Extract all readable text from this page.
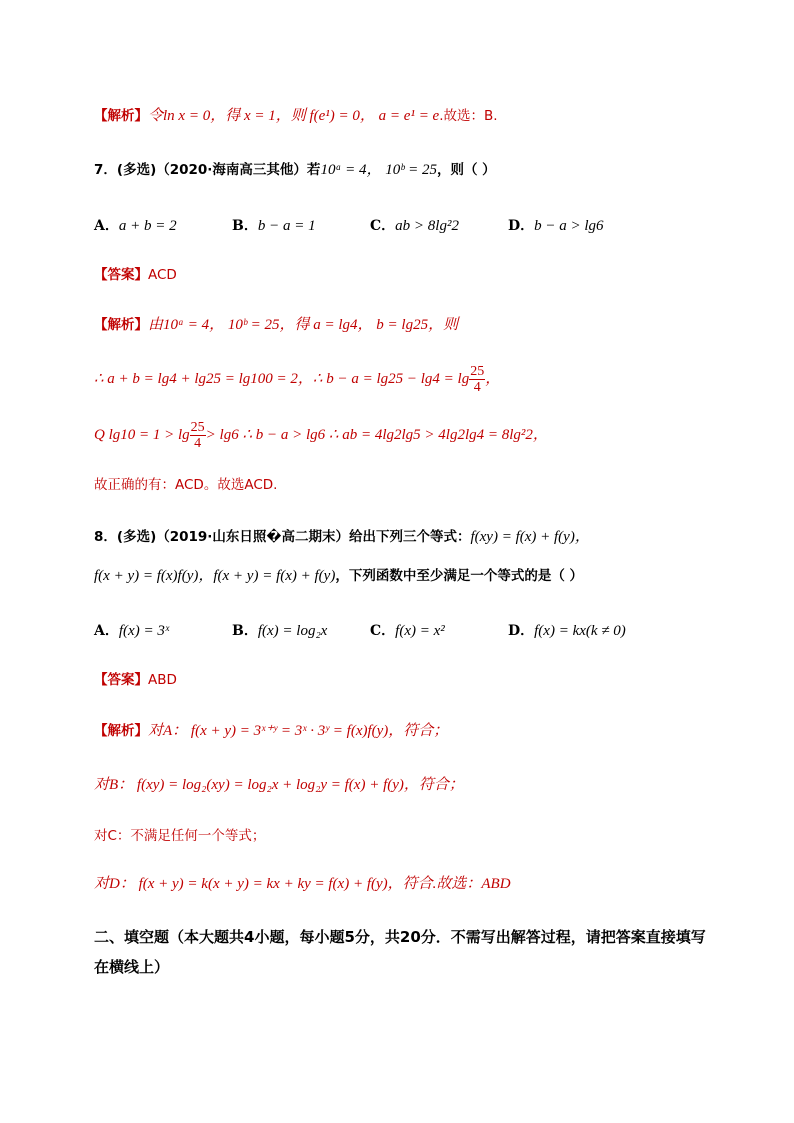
【解析】令ln x = 0，得 x = 1，则 f(e¹) = 0， a = e¹ = e.故选：B.
7．(多选)（2020·海南高三其他）若10ᵃ = 4， 10ᵇ = 25，则（ ）
A．a + b = 2	B．b − a = 1	C．ab > 8lg²2	D．b − a > lg6
【答案】ACD
【解析】由10ᵃ = 4， 10ᵇ = 25，得 a = lg4， b = lg25，则
∴ a + b = lg4 + lg25 = lg100 = 2，∴ $b - a = \lg 25 - \lg 4 = \lg \frac{25}{4}$ ，
Q $\lg 10 = 1 > \lg \frac{25}{4} > \lg 6$ ∴ b − a > lg6 ∴ ab = 4lg2lg5 > 4lg2lg4 = 8lg²2，
故正确的有：ACD。故选ACD.
8．(多选)（2019·山东日照�高二期末）给出下列三个等式：f(xy) = f(x) + f(y)，
f(x + y) = f(x)f(y)，f(x + y) = f(x) + f(y)，下列函数中至少满足一个等式的是（ ）
A．f(x) = 3ˣ	B．f(x) = log₂x	C．f(x) = x²	D．f(x) = kx(k ≠ 0)
【答案】ABD
【解析】对A： f(x + y) = 3ˣ⁺ʸ = 3ˣ · 3ʸ = f(x)f(y)，符合；
对B： f(xy) = log₂(xy) = log₂x + log₂y = f(x) + f(y)，符合；
对C：不满足任何一个等式；
对D： f(x + y) = k(x + y) = kx + ky = f(x) + f(y)，符合.故选：ABD
二、填空题（本大题共4小题，每小题5分，共20分．不需写出解答过程，请把答案直接填写在横线上）
